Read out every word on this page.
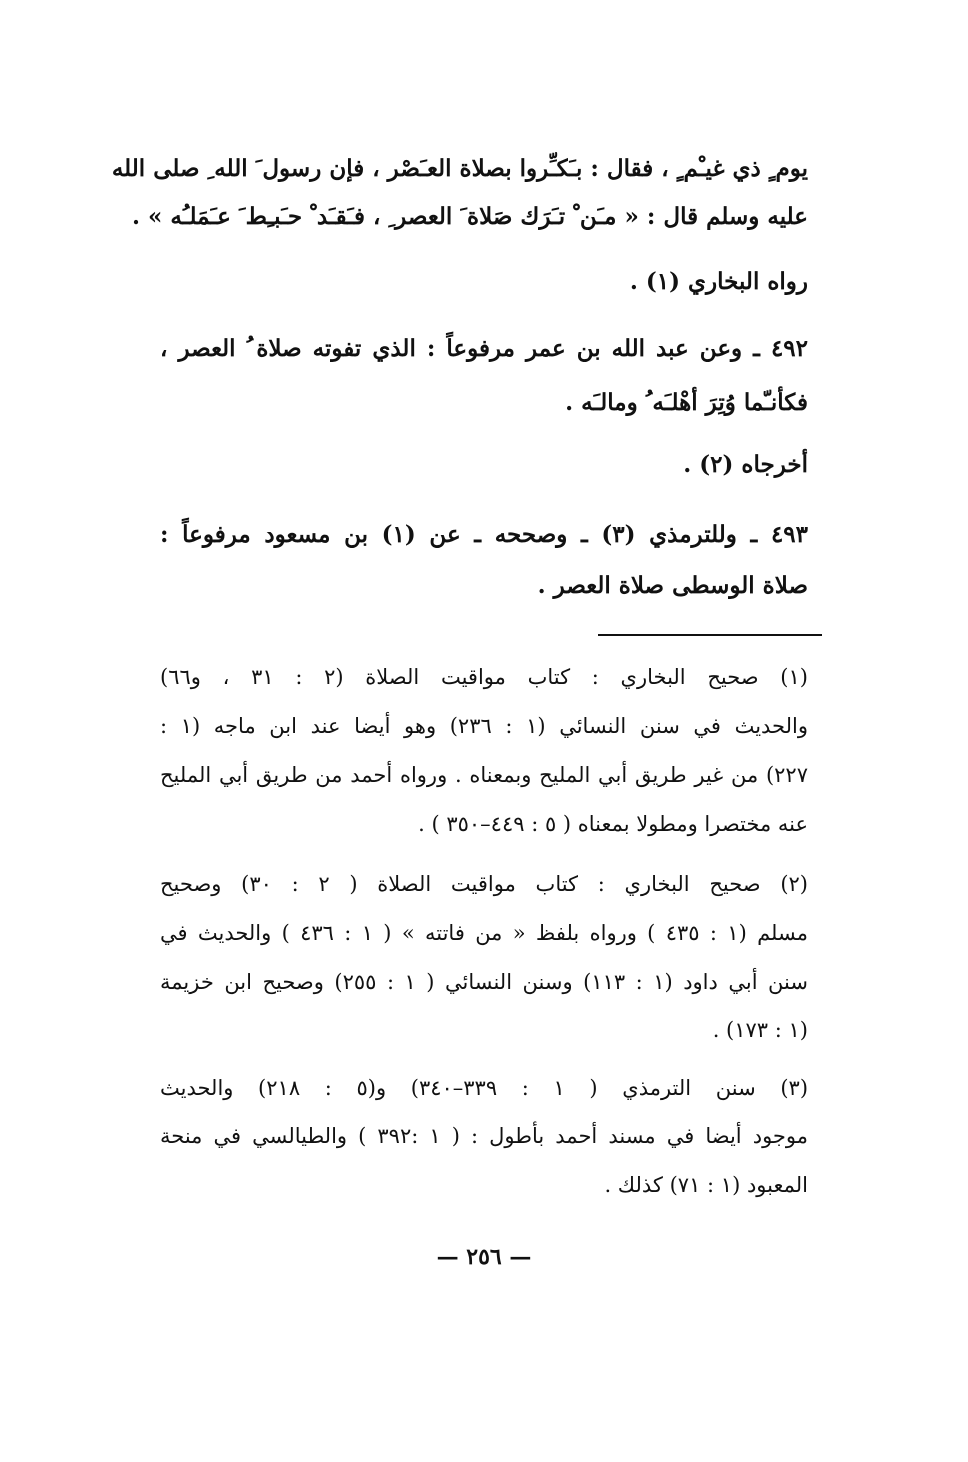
يوم ٍ ذي غيـْم ٍ ، فقال : بـَكـِّروا بصلاة العـَصْر ، فإن رسول َ الله ِ صلى الله

عليه وسلم قال : « مـَن ْ تـَرَك صَلاة َ العصر ِ ، فـَقـَد ْ حـَبـِط َ عـَمَلـُه » .

رواه البخاري (١) .

٤٩٢ ـ وعن عبد الله بن عمر مرفوعاً : الذي تفوته صلاة ُ العصر ،

فكأنـّما وُتِرَ أهْلـَه ُ ومالـَه .

أخرجاه (٢) .

٤٩٣ ـ وللترمذي (٣) ـ وصححه ـ عن (١) بن مسعود مرفوعاً :

صلاة الوسطى صلاة العصر .

(١) صحيح البخاري : كتاب مواقيت الصلاة (٢ : ٣١ ، و٦٦)

والحديث في سنن النسائي (١ : ٢٣٦) وهو أيضا عند ابن ماجه (١ :

٢٢٧) من غير طريق أبي المليح وبمعناه . ورواه أحمد من طريق أبي المليح

عنه مختصرا ومطولا بمعناه ( ٥ : ٤٤٩–٣٥٠ ) .

(٢) صحيح البخاري : كتاب مواقيت الصلاة ( ٢ : ٣٠) وصحيح

مسلم (١ : ٤٣٥ ) ورواه بلفظ « من فاتته » ( ١ : ٤٣٦ ) والحديث في

سنن أبي داود (١ : ١١٣) وسنن النسائي ( ١ : ٢٥٥) وصحيح ابن خزيمة

(١ : ١٧٣) .

(٣) سنن الترمذي ( ١ : ٣٣٩–٣٤٠) و(٥ : ٢١٨) والحديث

موجود أيضا في مسند أحمد بأطول : ( ١ :٣٩٢ ) والطيالسي في منحة

المعبود (١ : ٧١) كذلك .

— ٢٥٦ —
